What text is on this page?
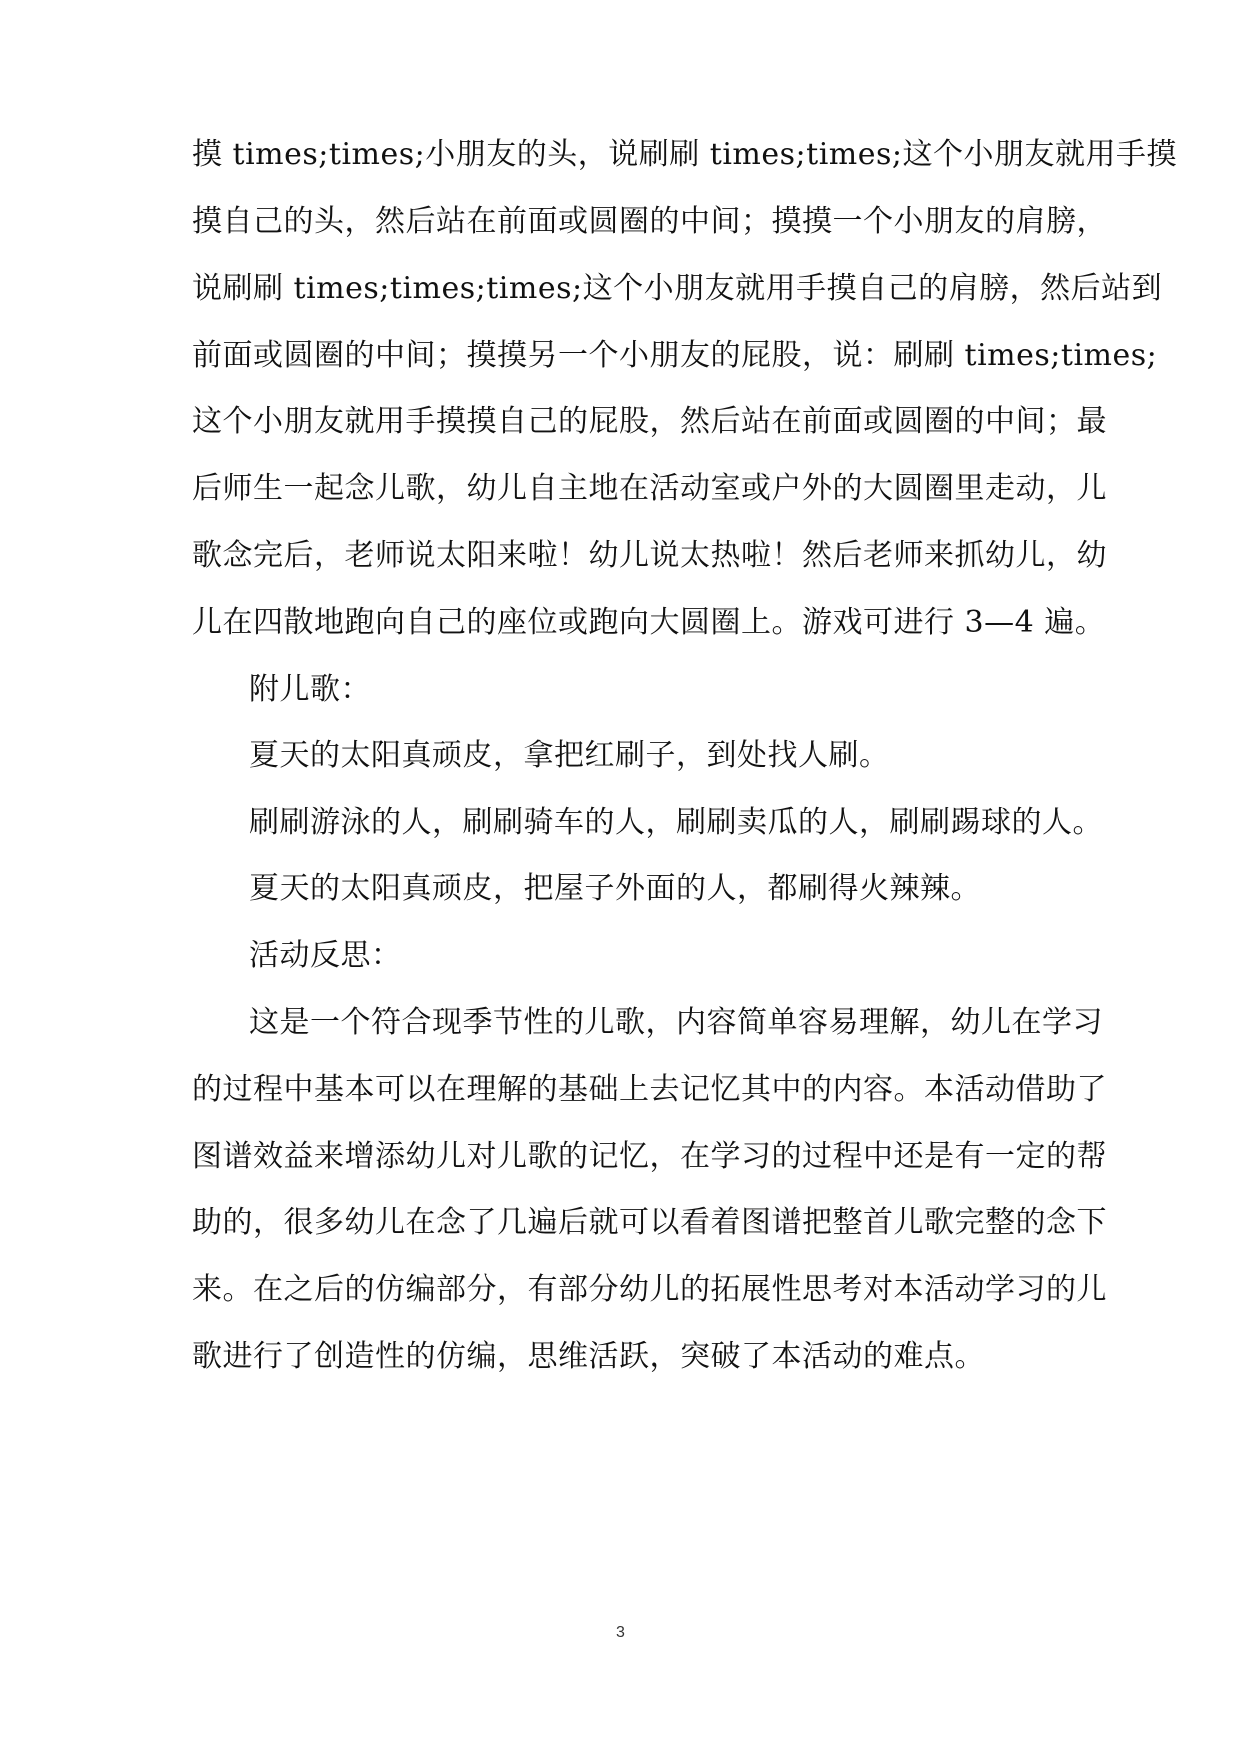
摸 times;times;小朋友的头，说刷刷 times;times;这个小朋友就用手摸
摸自己的头，然后站在前面或圆圈的中间；摸摸一个小朋友的肩膀，
说刷刷 times;times;times;这个小朋友就用手摸自己的肩膀，然后站到
前面或圆圈的中间；摸摸另一个小朋友的屁股，说：刷刷 times;times;
这个小朋友就用手摸摸自己的屁股，然后站在前面或圆圈的中间；最
后师生一起念儿歌，幼儿自主地在活动室或户外的大圆圈里走动，儿
歌念完后，老师说太阳来啦！幼儿说太热啦！然后老师来抓幼儿，幼
儿在四散地跑向自己的座位或跑向大圆圈上。游戏可进行 3—4 遍。
附儿歌：
夏天的太阳真顽皮，拿把红刷子，到处找人刷。
刷刷游泳的人，刷刷骑车的人，刷刷卖瓜的人，刷刷踢球的人。
夏天的太阳真顽皮，把屋子外面的人，都刷得火辣辣。
活动反思：
这是一个符合现季节性的儿歌，内容简单容易理解，幼儿在学习
的过程中基本可以在理解的基础上去记忆其中的内容。本活动借助了
图谱效益来增添幼儿对儿歌的记忆，在学习的过程中还是有一定的帮
助的，很多幼儿在念了几遍后就可以看着图谱把整首儿歌完整的念下
来。在之后的仿编部分，有部分幼儿的拓展性思考对本活动学习的儿
歌进行了创造性的仿编，思维活跃，突破了本活动的难点。
3
